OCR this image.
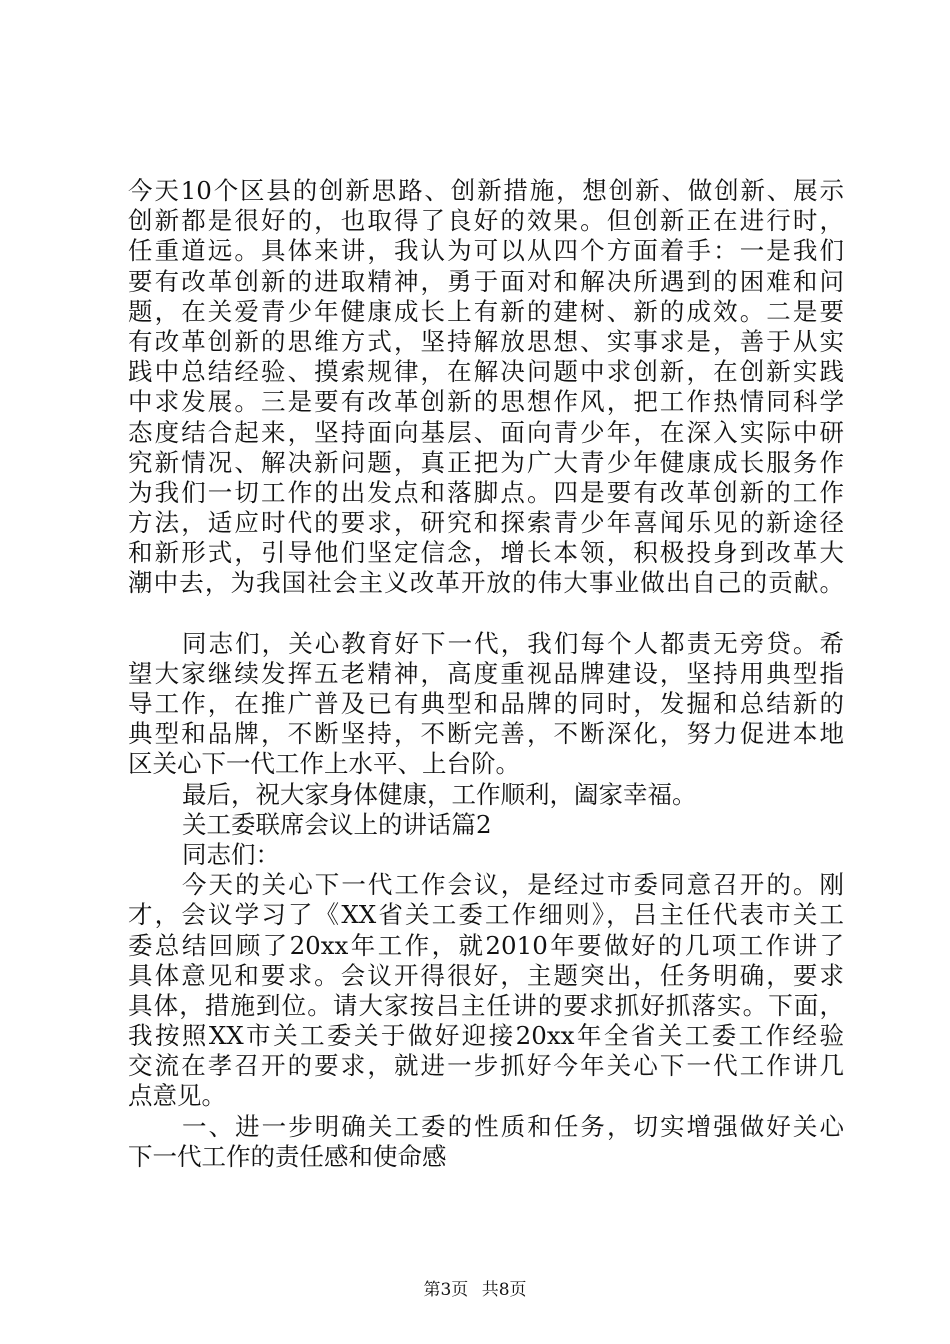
今天10个区县的创新思路、创新措施，想创新、做创新、展示
创新都是很好的，也取得了良好的效果。但创新正在进行时，
任重道远。具体来讲，我认为可以从四个方面着手：一是我们
要有改革创新的进取精神，勇于面对和解决所遇到的困难和问
题，在关爱青少年健康成长上有新的建树、新的成效。二是要
有改革创新的思维方式，坚持解放思想、实事求是，善于从实
践中总结经验、摸索规律，在解决问题中求创新，在创新实践
中求发展。三是要有改革创新的思想作风，把工作热情同科学
态度结合起来，坚持面向基层、面向青少年，在深入实际中研
究新情况、解决新问题，真正把为广大青少年健康成长服务作
为我们一切工作的出发点和落脚点。四是要有改革创新的工作
方法，适应时代的要求，研究和探索青少年喜闻乐见的新途径
和新形式，引导他们坚定信念，增长本领，积极投身到改革大
潮中去，为我国社会主义改革开放的伟大事业做出自己的贡献。
同志们，关心教育好下一代，我们每个人都责无旁贷。希
望大家继续发挥五老精神，高度重视品牌建设，坚持用典型指
导工作，在推广普及已有典型和品牌的同时，发掘和总结新的
典型和品牌，不断坚持，不断完善，不断深化，努力促进本地
区关心下一代工作上水平、上台阶。
最后，祝大家身体健康，工作顺利，阖家幸福。
关工委联席会议上的讲话篇2
同志们：
今天的关心下一代工作会议，是经过市委同意召开的。刚
才，会议学习了《XX省关工委工作细则》，吕主任代表市关工
委总结回顾了20xx年工作，就2010年要做好的几项工作讲了
具体意见和要求。会议开得很好，主题突出，任务明确，要求
具体，措施到位。请大家按吕主任讲的要求抓好抓落实。下面，
我按照XX市关工委关于做好迎接20xx年全省关工委工作经验
交流在孝召开的要求，就进一步抓好今年关心下一代工作讲几
点意见。
一、进一步明确关工委的性质和任务，切实增强做好关心
下一代工作的责任感和使命感
第3页 共8页
